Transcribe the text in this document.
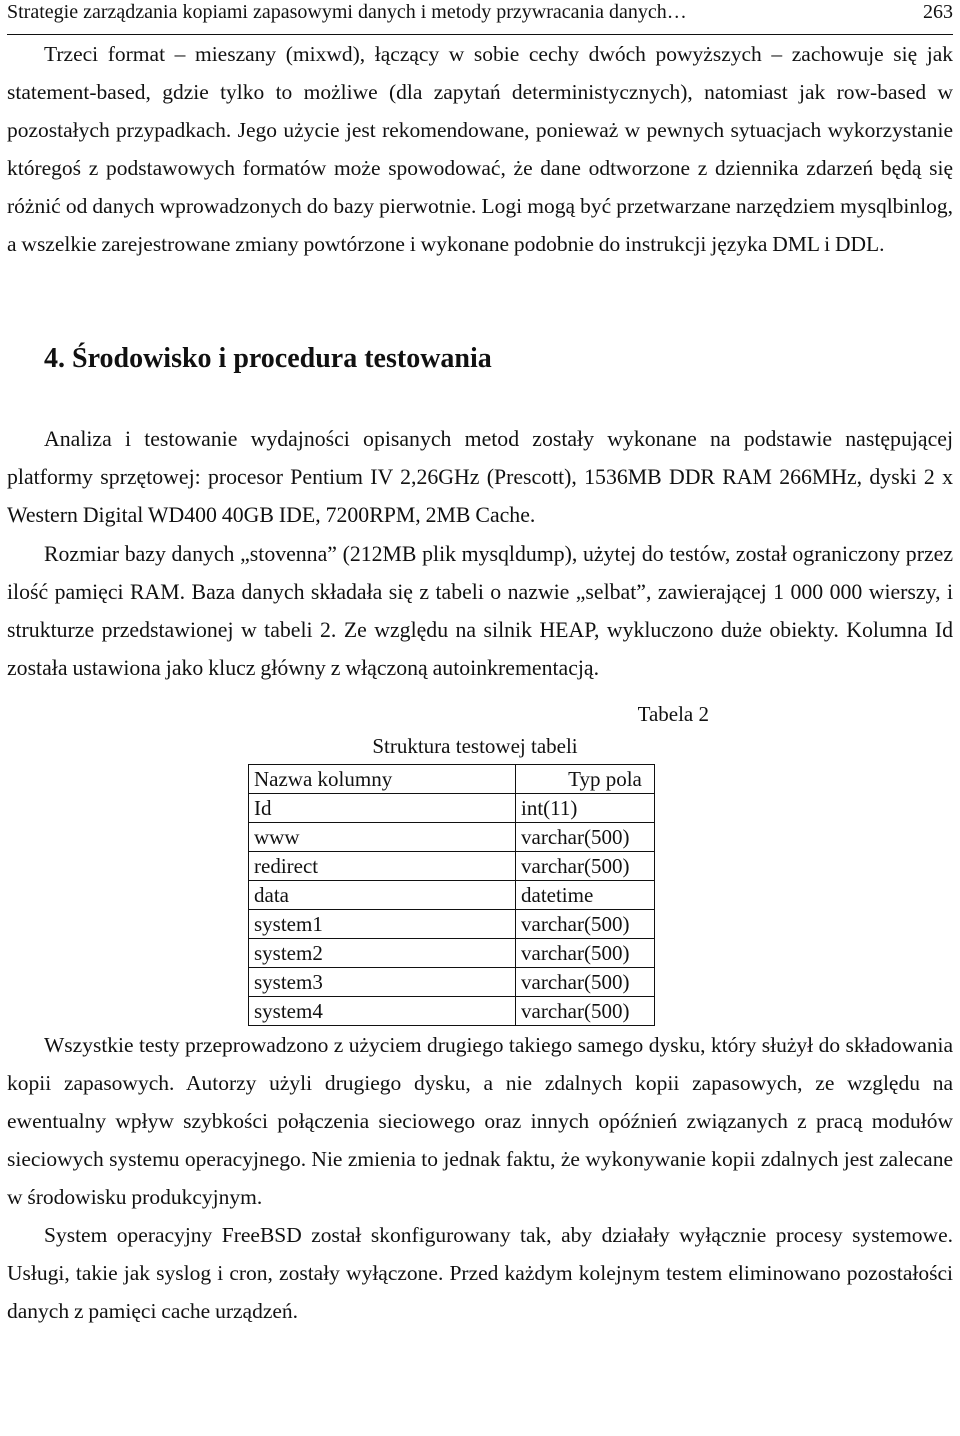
Strategie zarządzania kopiami zapasowymi danych i metody przywracania danych…	263

Trzeci format – mieszany (mixwd), łączący w sobie cechy dwóch powyższych – zachowuje się jak statement-based, gdzie tylko to możliwe (dla zapytań deterministycznych), natomiast jak row-based w pozostałych przypadkach. Jego użycie jest rekomendowane, ponieważ w pewnych sytuacjach wykorzystanie któregoś z podstawowych formatów może spowodować, że dane odtworzone z dziennika zdarzeń będą się różnić od danych wprowadzonych do bazy pierwotnie. Logi mogą być przetwarzane narzędziem mysqlbinlog, a wszelkie zarejestrowane zmiany powtórzone i wykonane podobnie do instrukcji języka DML i DDL.

4. Środowisko i procedura testowania

Analiza i testowanie wydajności opisanych metod zostały wykonane na podstawie następującej platformy sprzętowej: procesor Pentium IV 2,26GHz (Prescott), 1536MB DDR RAM 266MHz, dyski 2 x Western Digital WD400 40GB IDE, 7200RPM, 2MB Cache.

Rozmiar bazy danych „stovenna” (212MB plik mysqldump), użytej do testów, został ograniczony przez ilość pamięci RAM. Baza danych składała się z tabeli o nazwie „selbat”, zawierającej 1 000 000 wierszy, i strukturze przedstawionej w tabeli 2. Ze względu na silnik HEAP, wykluczono duże obiekty. Kolumna Id została ustawiona jako klucz główny z włączoną autoinkrementacją.

Tabela 2
Struktura testowej tabeli
Nazwa kolumny	Typ pola
Id	int(11)
www	varchar(500)
redirect	varchar(500)
data	datetime
system1	varchar(500)
system2	varchar(500)
system3	varchar(500)
system4	varchar(500)

Wszystkie testy przeprowadzono z użyciem drugiego takiego samego dysku, który służył do składowania kopii zapasowych. Autorzy użyli drugiego dysku, a nie zdalnych kopii zapasowych, ze względu na ewentualny wpływ szybkości połączenia sieciowego oraz innych opóźnień związanych z pracą modułów sieciowych systemu operacyjnego. Nie zmienia to jednak faktu, że wykonywanie kopii zdalnych jest zalecane w środowisku produkcyjnym.

System operacyjny FreeBSD został skonfigurowany tak, aby działały wyłącznie procesy systemowe. Usługi, takie jak syslog i cron, zostały wyłączone. Przed każdym kolejnym testem eliminowano pozostałości danych z pamięci cache urządzeń.
